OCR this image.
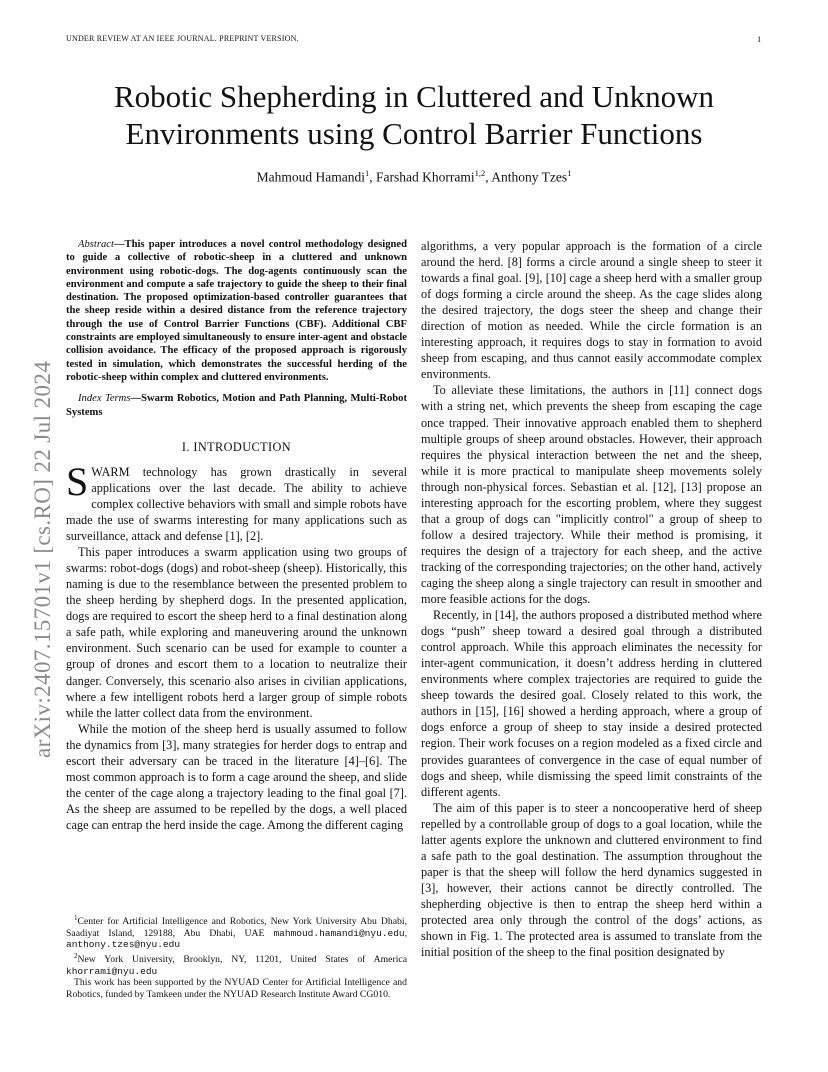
UNDER REVIEW AT AN IEEE JOURNAL. PREPRINT VERSION.	1
arXiv:2407.15701v1 [cs.RO] 22 Jul 2024
Robotic Shepherding in Cluttered and Unknown Environments using Control Barrier Functions
Mahmoud Hamandi$^1$, Farshad Khorrami$^{1,2}$, Anthony Tzes$^1$

Abstract—This paper introduces a novel control methodology designed to guide a collective of robotic-sheep in a cluttered and unknown environment using robotic-dogs. The dog-agents continuously scan the environment and compute a safe trajectory to guide the sheep to their final destination. The proposed optimization-based controller guarantees that the sheep reside within a desired distance from the reference trajectory through the use of Control Barrier Functions (CBF). Additional CBF constraints are employed simultaneously to ensure inter-agent and obstacle collision avoidance. The efficacy of the proposed approach is rigorously tested in simulation, which demonstrates the successful herding of the robotic-sheep within complex and cluttered environments.

Index Terms—Swarm Robotics, Motion and Path Planning, Multi-Robot Systems

I. INTRODUCTION

SWARM technology has grown drastically in several applications over the last decade. The ability to achieve complex collective behaviors with small and simple robots have made the use of swarms interesting for many applications such as surveillance, attack and defense [1], [2].

This paper introduces a swarm application using two groups of swarms: robot-dogs (dogs) and robot-sheep (sheep). Historically, this naming is due to the resemblance between the presented problem to the sheep herding by shepherd dogs. In the presented application, dogs are required to escort the sheep herd to a final destination along a safe path, while exploring and maneuvering around the unknown environment. Such scenario can be used for example to counter a group of drones and escort them to a location to neutralize their danger. Conversely, this scenario also arises in civilian applications, where a few intelligent robots herd a larger group of simple robots while the latter collect data from the environment.

While the motion of the sheep herd is usually assumed to follow the dynamics from [3], many strategies for herder dogs to entrap and escort their adversary can be traced in the literature [4]–[6]. The most common approach is to form a cage around the sheep, and slide the center of the cage along a trajectory leading to the final goal [7]. As the sheep are assumed to be repelled by the dogs, a well placed cage can entrap the herd inside the cage. Among the different caging

$^1$Center for Artificial Intelligence and Robotics, New York University Abu Dhabi, Saadiyat Island, 129188, Abu Dhabi, UAE mahmoud.hamandi@nyu.edu, anthony.tzes@nyu.edu

$^2$New York University, Brooklyn, NY, 11201, United States of America khorrami@nyu.edu

This work has been supported by the NYUAD Center for Artificial Intelligence and Robotics, funded by Tamkeen under the NYUAD Research Institute Award CG010.

algorithms, a very popular approach is the formation of a circle around the herd. [8] forms a circle around a single sheep to steer it towards a final goal. [9], [10] cage a sheep herd with a smaller group of dogs forming a circle around the sheep. As the cage slides along the desired trajectory, the dogs steer the sheep and change their direction of motion as needed. While the circle formation is an interesting approach, it requires dogs to stay in formation to avoid sheep from escaping, and thus cannot easily accommodate complex environments.

To alleviate these limitations, the authors in [11] connect dogs with a string net, which prevents the sheep from escaping the cage once trapped. Their innovative approach enabled them to shepherd multiple groups of sheep around obstacles. However, their approach requires the physical interaction between the net and the sheep, while it is more practical to manipulate sheep movements solely through non-physical forces. Sebastian et al. [12], [13] propose an interesting approach for the escorting problem, where they suggest that a group of dogs can "implicitly control" a group of sheep to follow a desired trajectory. While their method is promising, it requires the design of a trajectory for each sheep, and the active tracking of the corresponding trajectories; on the other hand, actively caging the sheep along a single trajectory can result in smoother and more feasible actions for the dogs.

Recently, in [14], the authors proposed a distributed method where dogs “push” sheep toward a desired goal through a distributed control approach. While this approach eliminates the necessity for inter-agent communication, it doesn’t address herding in cluttered environments where complex trajectories are required to guide the sheep towards the desired goal. Closely related to this work, the authors in [15], [16] showed a herding approach, where a group of dogs enforce a group of sheep to stay inside a desired protected region. Their work focuses on a region modeled as a fixed circle and provides guarantees of convergence in the case of equal number of dogs and sheep, while dismissing the speed limit constraints of the different agents.

The aim of this paper is to steer a noncooperative herd of sheep repelled by a controllable group of dogs to a goal location, while the latter agents explore the unknown and cluttered environment to find a safe path to the goal destination. The assumption throughout the paper is that the sheep will follow the herd dynamics suggested in [3], however, their actions cannot be directly controlled. The shepherding objective is then to entrap the sheep herd within a protected area only through the control of the dogs’ actions, as shown in Fig. 1. The protected area is assumed to translate from the initial position of the sheep to the final position designated by
